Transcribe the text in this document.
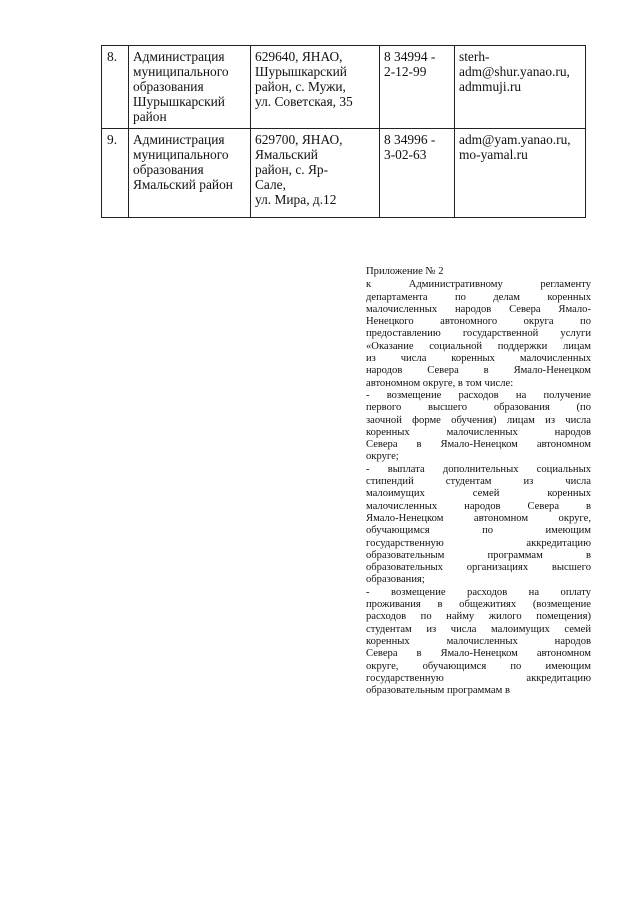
8.	Администрация
муниципального
образования
Шурышкарский
район	629640, ЯНАО,
Шурышкарский
район, с. Мужи,
ул. Советская, 35	8 34994 -
2-12-99	sterh-
adm@shur.yanao.ru,
admmuji.ru

9.	Администрация
муниципального
образования
Ямальский район	629700, ЯНАО,
Ямальский
район, с. Яр-
Сале,
ул. Мира, д.12	8 34996 -
3-02-63	adm@yam.yanao.ru,
mo-yamal.ru
Приложение № 2
к Административному регламенту
департамента по делам коренных
малочисленных народов Севера Ямало-
Ненецкого автономного округа по
предоставлению государственной услуги
«Оказание социальной поддержки лицам
из числа коренных малочисленных
народов Севера в Ямало-Ненецком
автономном округе, в том числе:
- возмещение расходов на получение
первого высшего образования (по
заочной форме обучения) лицам из числа
коренных малочисленных народов
Севера в Ямало-Ненецком автономном
округе;
- выплата дополнительных социальных
стипендий студентам из числа
малоимущих семей коренных
малочисленных народов Севера в
Ямало-Ненецком автономном округе,
обучающимся по имеющим
государственную аккредитацию
образовательным программам в
образовательных организациях высшего
образования;
- возмещение расходов на оплату
проживания в общежитиях (возмещение
расходов по найму жилого помещения)
студентам из числа малоимущих семей
коренных малочисленных народов
Севера в Ямало-Ненецком автономном
округе, обучающимся по имеющим
государственную аккредитацию
образовательным программам в
